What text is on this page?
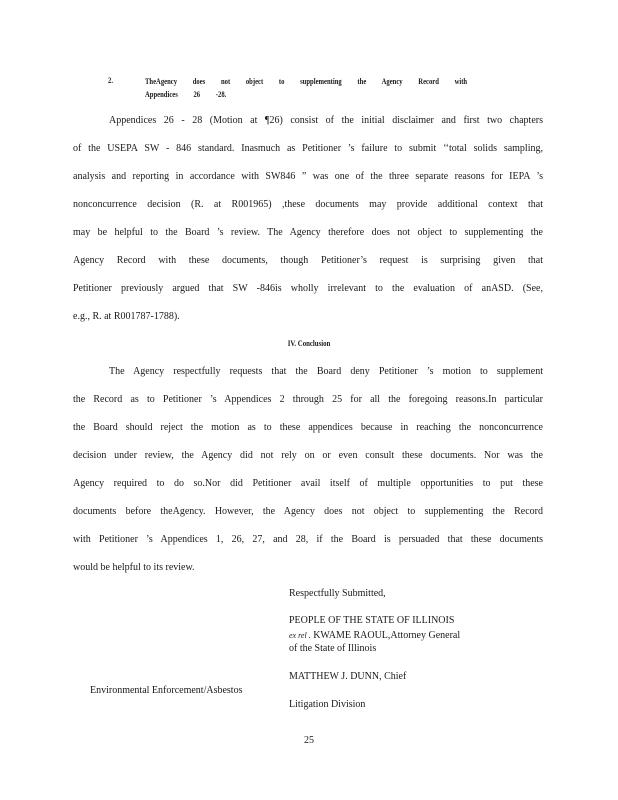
2.	TheAgency does not object to supplementing the Agency Record with
Appendices 26 -28.
Appendices 26 - 28 (Motion at ¶26) consist of the initial disclaimer and first two chapters
of the USEPA SW - 846 standard. Inasmuch as Petitioner ’s failure to submit ‘‘total solids sampling,
analysis and reporting in accordance with SW846 ” was one of the three separate reasons for IEPA ’s
nonconcurrence decision (R. at R001965) ,these documents may provide additional context that
may be helpful to the Board ’s review. The Agency therefore does not object to supplementing the
Agency Record with these documents, though Petitioner’s request is surprising given that
Petitioner previously argued that SW -846is wholly irrelevant to the evaluation of anASD. (See,
e.g., R. at R001787-1788).
IV. Conclusion
The Agency respectfully requests that the Board deny Petitioner ’s motion to supplement
the Record as to Petitioner ’s Appendices 2 through 25 for all the foregoing reasons.In particular
the Board should reject the motion as to these appendices because in reaching the nonconcurrence
decision under review, the Agency did not rely on or even consult these documents. Nor was the
Agency required to do so.Nor did Petitioner avail itself of multiple opportunities to put these
documents before theAgency. However, the Agency does not object to supplementing the Record
with Petitioner ’s Appendices 1, 26, 27, and 28, if the Board is persuaded that these documents
would be helpful to its review.
Respectfully Submitted,
PEOPLE OF THE STATE OF ILLINOIS
ex rel . KWAME RAOUL,Attorney General
of the State of Illinois
MATTHEW J. DUNN, Chief
Environmental Enforcement/Asbestos
Litigation Division
25
